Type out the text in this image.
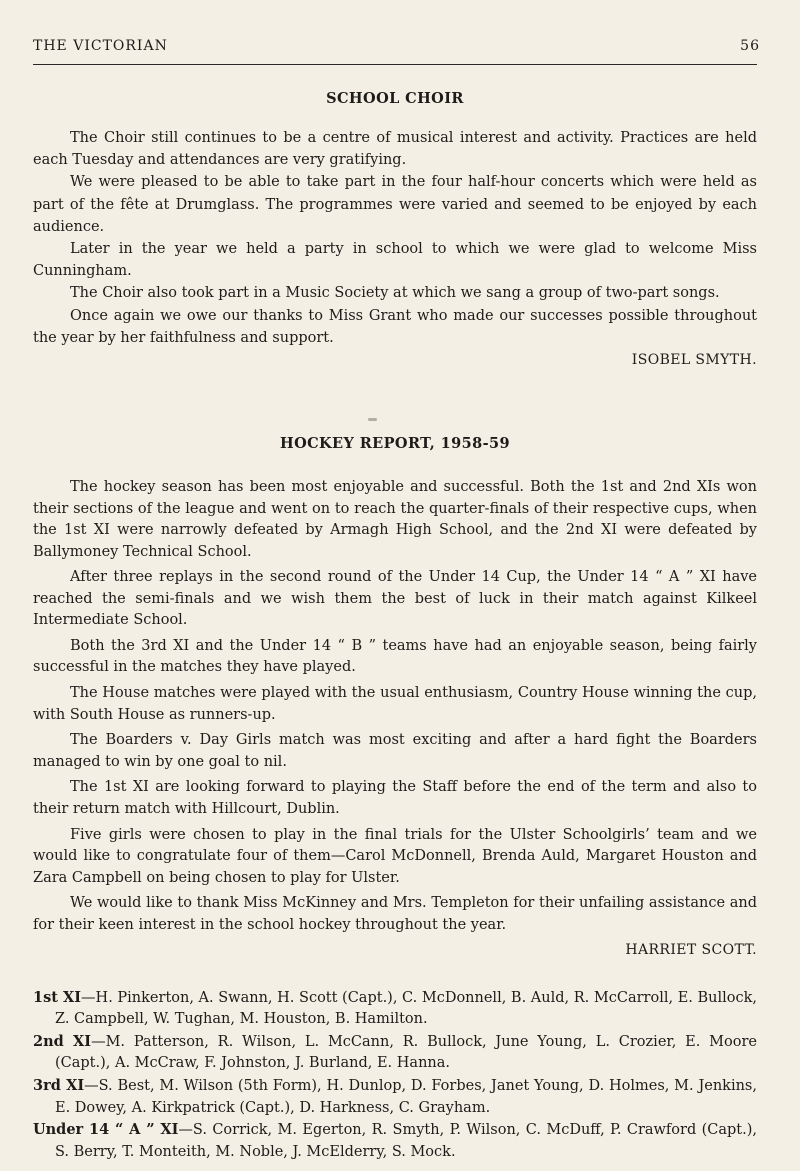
THE VICTORIAN	56
SCHOOL CHOIR

The Choir still continues to be a centre of musical interest and activity. Practices are held each Tuesday and attendances are very gratifying.

We were pleased to be able to take part in the four half-hour concerts which were held as part of the fête at Drumglass. The programmes were varied and seemed to be enjoyed by each audience.

Later in the year we held a party in school to which we were glad to welcome Miss Cunningham.

The Choir also took part in a Music Society at which we sang a group of two-part songs.

Once again we owe our thanks to Miss Grant who made our successes possible throughout the year by her faithfulness and support.

ISOBEL SMYTH.
HOCKEY REPORT, 1958-59

The hockey season has been most enjoyable and successful. Both the 1st and 2nd XIs won their sections of the league and went on to reach the quarter-finals of their respective cups, when the 1st XI were narrowly defeated by Armagh High School, and the 2nd XI were defeated by Ballymoney Technical School.

After three replays in the second round of the Under 14 Cup, the Under 14 “ A ” XI have reached the semi-finals and we wish them the best of luck in their match against Kilkeel Intermediate School.

Both the 3rd XI and the Under 14 “ B ” teams have had an enjoyable season, being fairly successful in the matches they have played.

The House matches were played with the usual enthusiasm, Country House winning the cup, with South House as runners-up.

The Boarders v. Day Girls match was most exciting and after a hard fight the Boarders managed to win by one goal to nil.

The 1st XI are looking forward to playing the Staff before the end of the term and also to their return match with Hillcourt, Dublin.

Five girls were chosen to play in the final trials for the Ulster Schoolgirls’ team and we would like to congratulate four of them—Carol McDonnell, Brenda Auld, Margaret Houston and Zara Campbell on being chosen to play for Ulster.

We would like to thank Miss McKinney and Mrs. Templeton for their unfailing assistance and for their keen interest in the school hockey throughout the year.

HARRIET SCOTT.
1st XI—H. Pinkerton, A. Swann, H. Scott (Capt.), C. McDonnell, B. Auld, R. McCarroll, E. Bullock, Z. Campbell, W. Tughan, M. Houston, B. Hamilton.
2nd XI—M. Patterson, R. Wilson, L. McCann, R. Bullock, June Young, L. Crozier, E. Moore (Capt.), A. McCraw, F. Johnston, J. Burland, E. Hanna.
3rd XI—S. Best, M. Wilson (5th Form), H. Dunlop, D. Forbes, Janet Young, D. Holmes, M. Jenkins, E. Dowey, A. Kirkpatrick (Capt.), D. Harkness, C. Grayham.
Under 14 “ A ” XI—S. Corrick, M. Egerton, R. Smyth, P. Wilson, C. McDuff, P. Crawford (Capt.), S. Berry, T. Monteith, M. Noble, J. McElderry, S. Mock.
